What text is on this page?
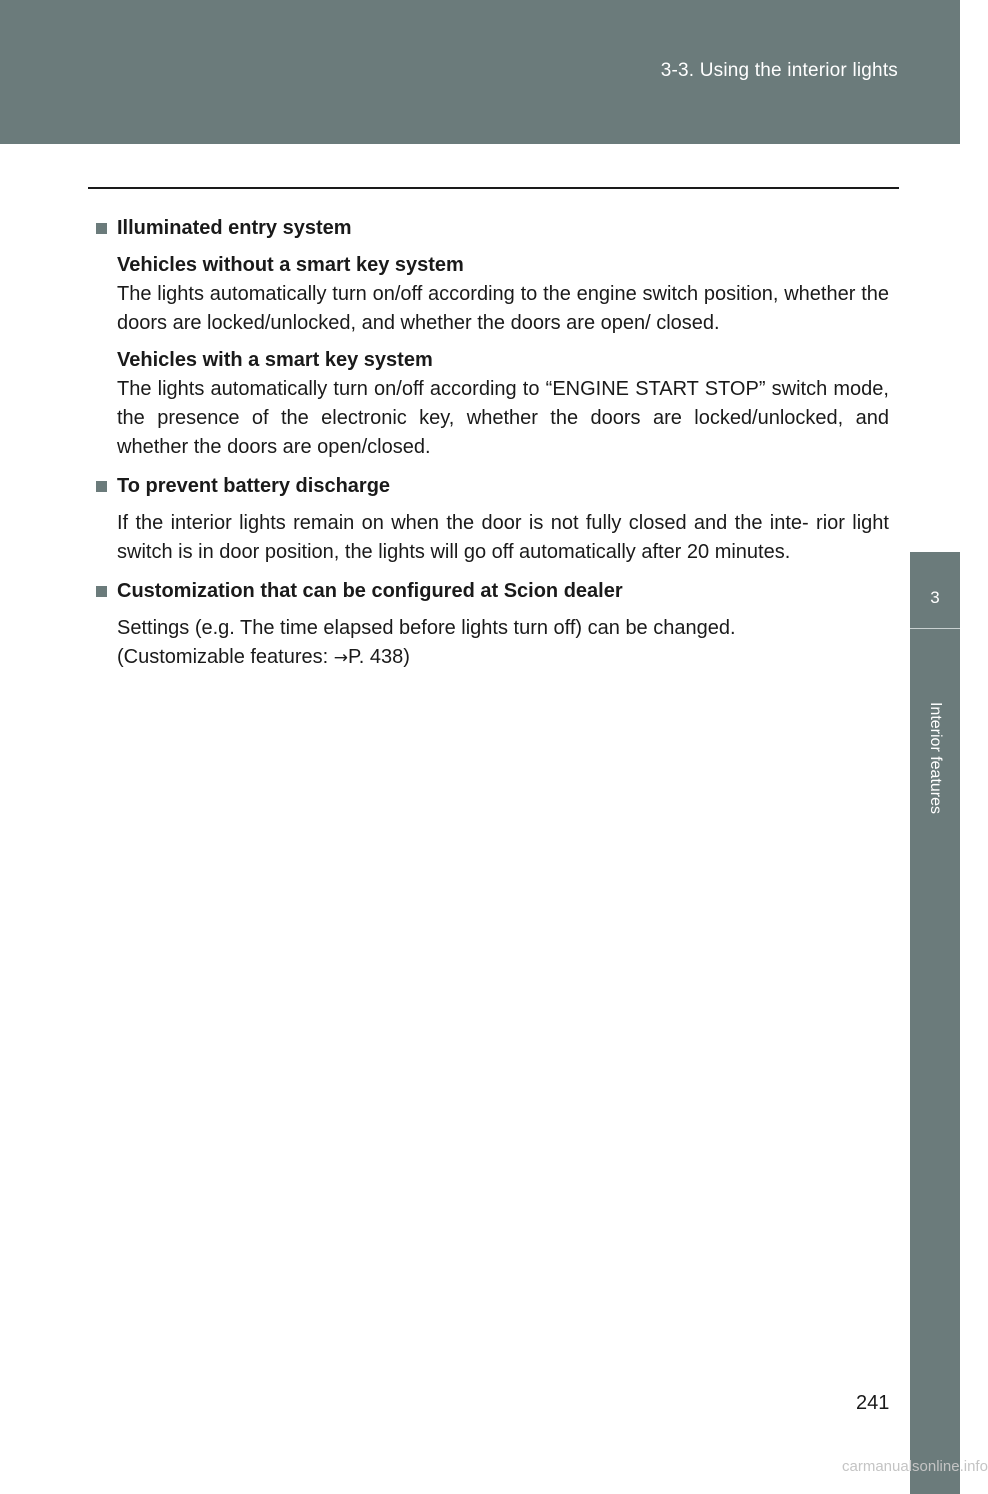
3-3. Using the interior lights
3
Interior features
Illuminated entry system
Vehicles without a smart key system
The lights automatically turn on/off according to the engine switch position, whether the doors are locked/unlocked, and whether the doors are open/ closed.
Vehicles with a smart key system
The lights automatically turn on/off according to “ENGINE START STOP” switch mode, the presence of the electronic key, whether the doors are locked/unlocked, and whether the doors are open/closed.
To prevent battery discharge
If the interior lights remain on when the door is not fully closed and the inte- rior light switch is in door position, the lights will go off automatically after 20 minutes.
Customization that can be configured at Scion dealer
Settings (e.g. The time elapsed before lights turn off) can be changed.
(Customizable features: →P. 438)
241
carmanualsonline.info
